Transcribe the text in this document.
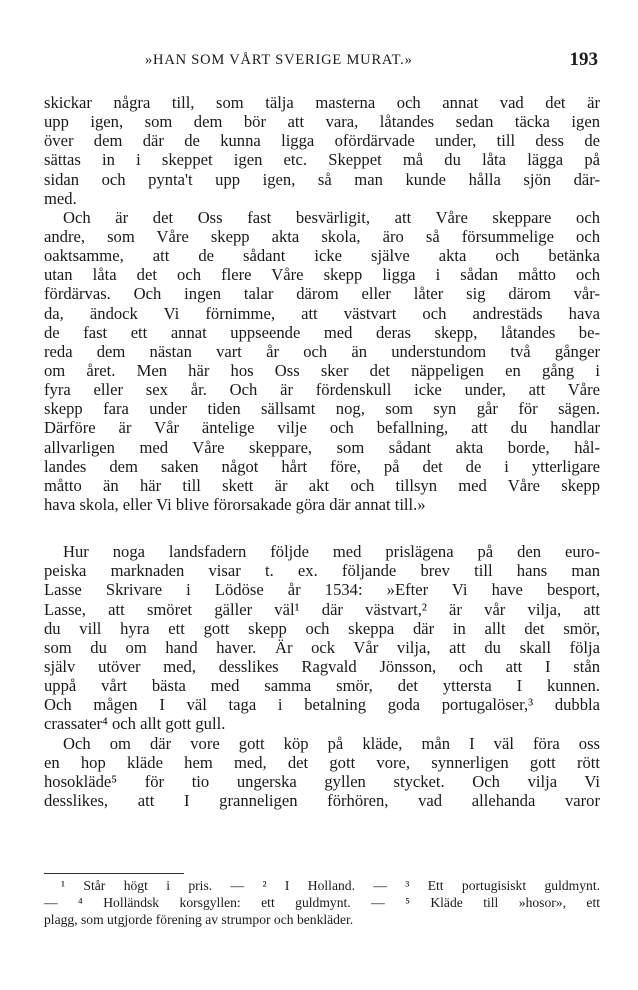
»HAN SOM VÅRT SVERIGE MURAT.»	193
skickar några till, som tälja masterna och annat vad det är
upp igen, som dem bör att vara, låtandes sedan täcka igen
över dem där de kunna ligga ofördärvade under, till dess de
sättas in i skeppet igen etc. Skeppet må du låta lägga på
sidan och pynta't upp igen, så man kunde hålla sjön där-
med.
Och är det Oss fast besvärligit, att Våre skeppare och
andre, som Våre skepp akta skola, äro så försummelige och
oaktsamme, att de sådant icke själve akta och betänka
utan låta det och flere Våre skepp ligga i sådan måtto och
fördärvas. Och ingen talar därom eller låter sig därom vår-
da, ändock Vi förnimme, att västvart och andrestäds hava
de fast ett annat uppseende med deras skepp, låtandes be-
reda dem nästan vart år och än understundom två gånger
om året. Men här hos Oss sker det näppeligen en gång i
fyra eller sex år. Och är fördenskull icke under, att Våre
skepp fara under tiden sällsamt nog, som syn går för sägen.
Därföre är Vår äntelige vilje och befallning, att du handlar
allvarligen med Våre skeppare, som sådant akta borde, hål-
landes dem saken något hårt före, på det de i ytterligare
måtto än här till skett är akt och tillsyn med Våre skepp
hava skola, eller Vi blive förorsakade göra där annat till.»
Hur noga landsfadern följde med prislägena på den euro-
peiska marknaden visar t. ex. följande brev till hans man
Lasse Skrivare i Lödöse år 1534: »Efter Vi have besport,
Lasse, att smöret gäller väl¹ där västvart,² är vår vilja, att
du vill hyra ett gott skepp och skeppa där in allt det smör,
som du om hand haver. Är ock Vår vilja, att du skall följa
själv utöver med, desslikes Ragvald Jönsson, och att I stån
uppå vårt bästa med samma smör, det yttersta I kunnen.
Och mågen I väl taga i betalning goda portugalöser,³ dubbla
crassater⁴ och allt gott gull.
Och om där vore gott köp på kläde, mån I väl föra oss
en hop kläde hem med, det gott vore, synnerligen gott rött
hosokläde⁵ för tio ungerska gyllen stycket. Och vilja Vi
desslikes, att I granneligen förhören, vad allehanda varor
¹ Står högt i pris. — ² I Holland. — ³ Ett portugisiskt guldmynt.
— ⁴ Holländsk korsgyllen: ett guldmynt. — ⁵ Kläde till »hosor», ett
plagg, som utgjorde förening av strumpor och benkläder.
